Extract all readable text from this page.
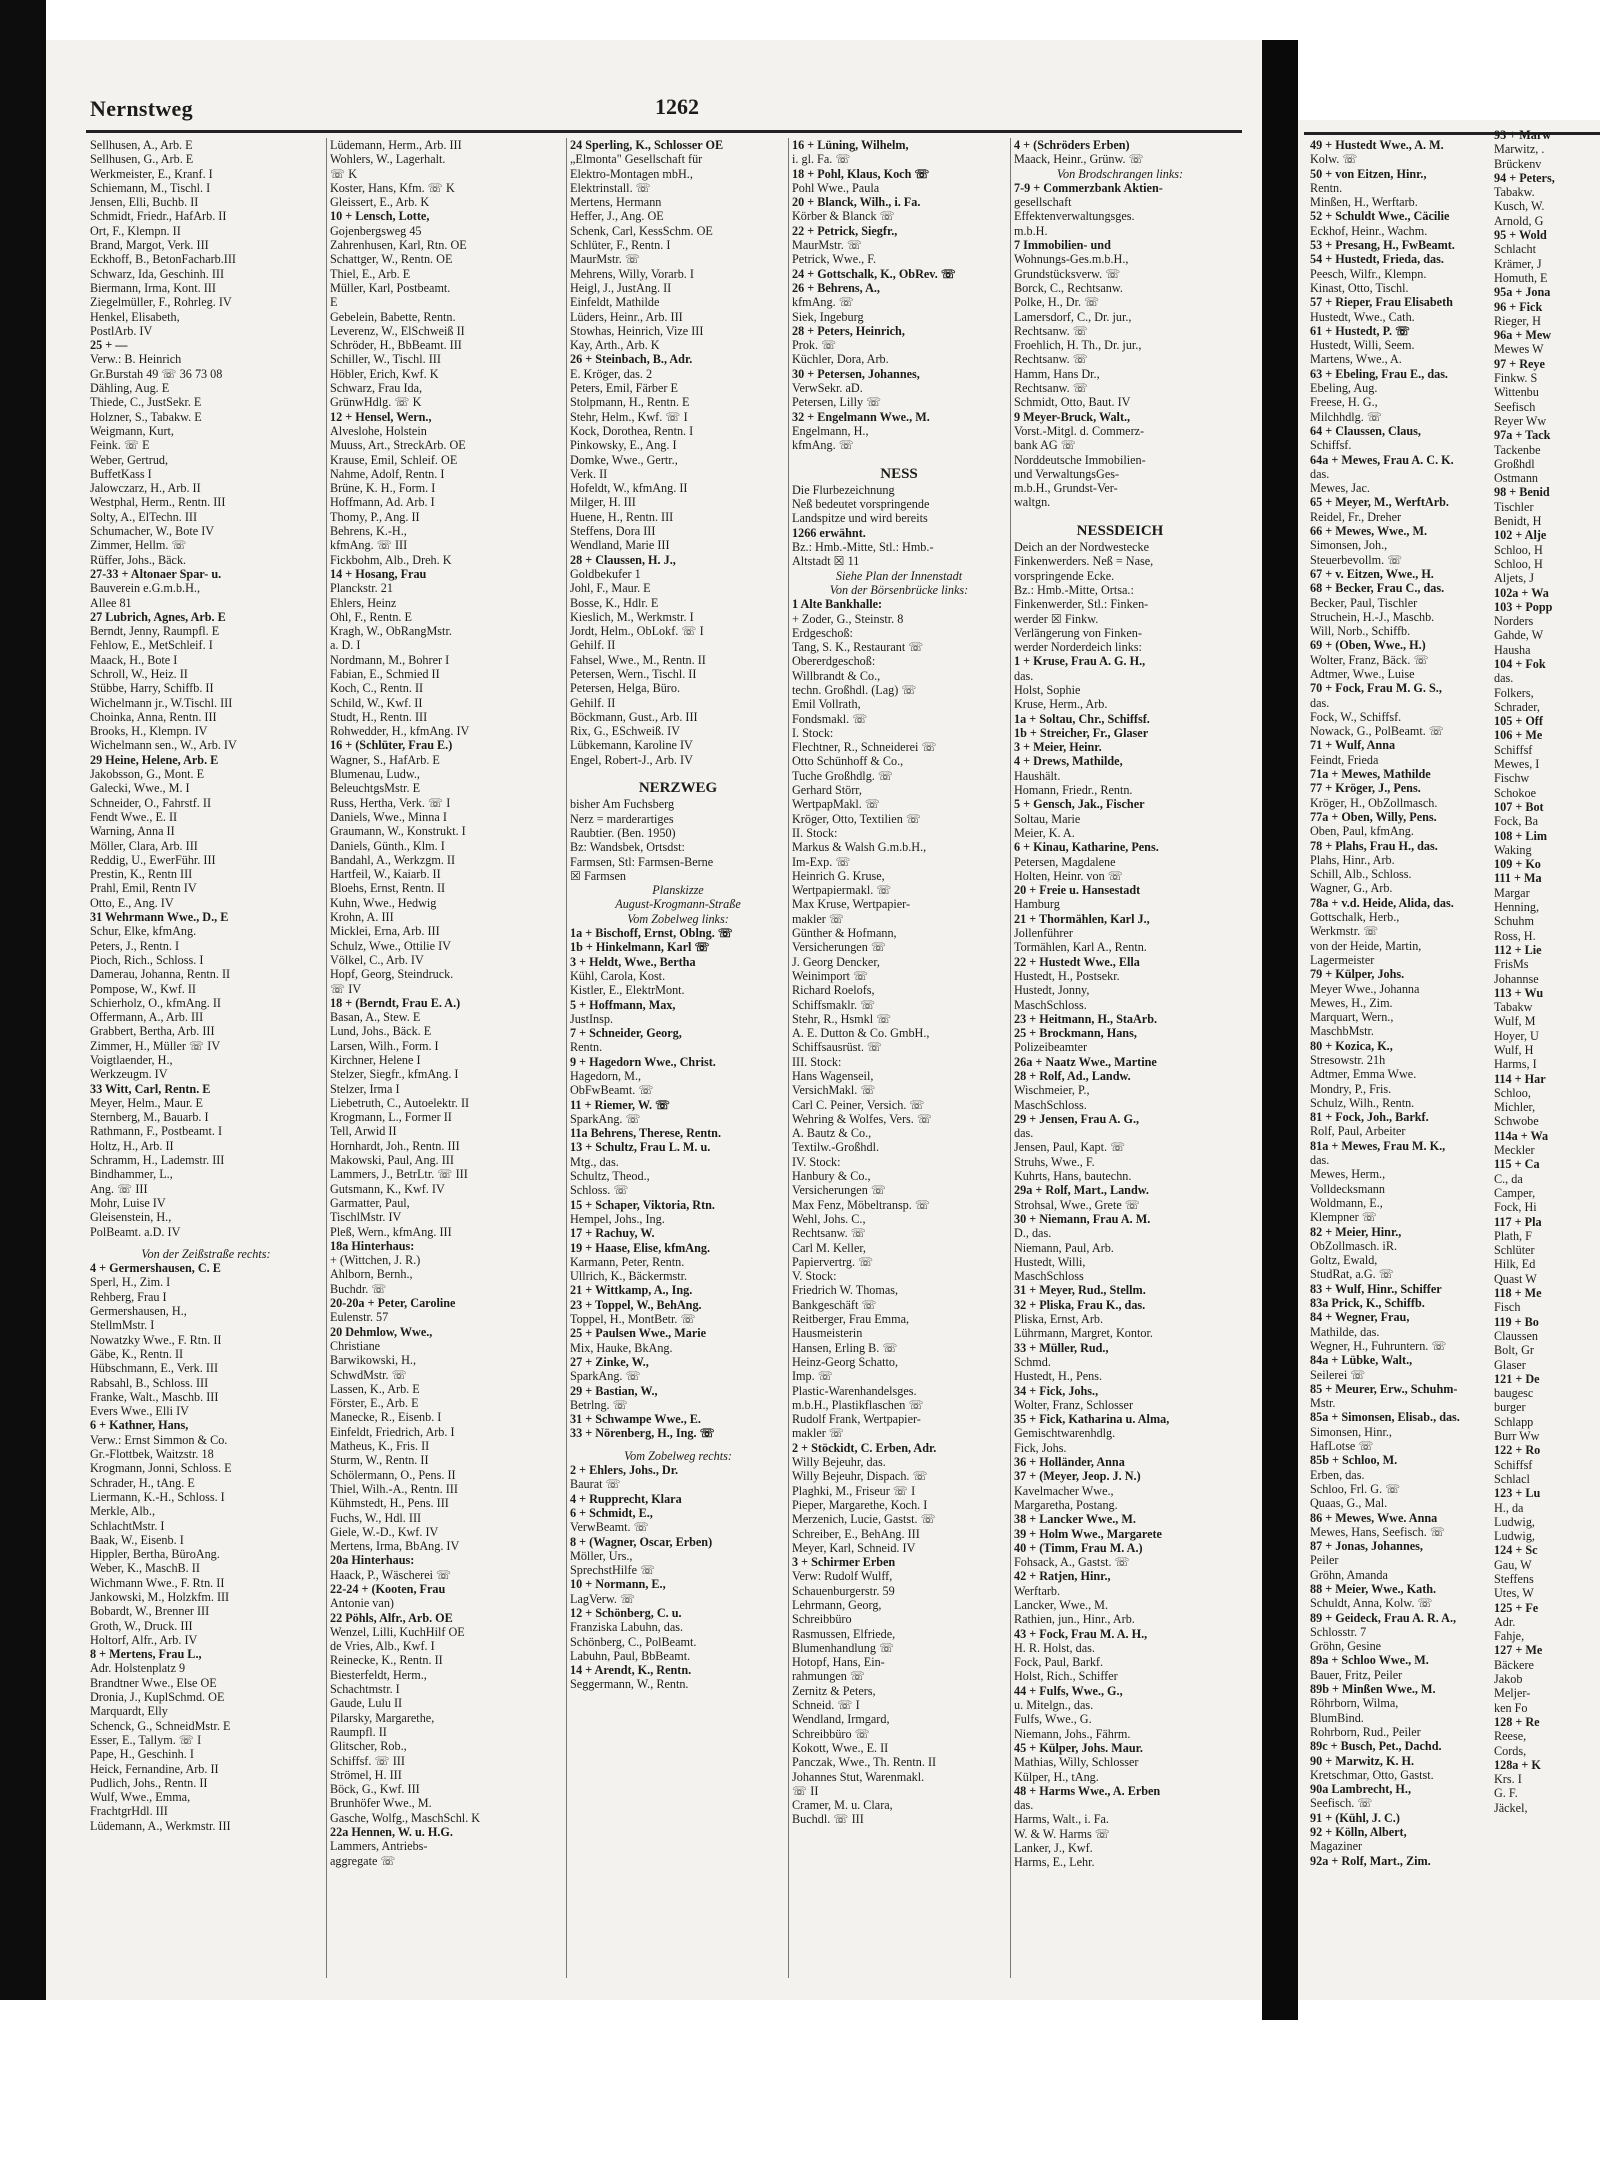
49 + Hustedt Wwe., A. M.

Kolw. ☏

50 + von Eitzen, Hinr.,

Rentn.

Minßen, H., Werftarb.

52 + Schuldt Wwe., Cäcilie

Eckhof, Heinr., Wachm.

53 + Presang, H., FwBeamt.

54 + Hustedt, Frieda, das.

Peesch, Wilfr., Klempn.

Kinast, Otto, Tischl.

57 + Rieper, Frau Elisabeth

Hustedt, Wwe., Cath.

61 + Hustedt, P. ☏

Hustedt, Willi, Seem.

Martens, Wwe., A.

63 + Ebeling, Frau E., das.

Ebeling, Aug.

Freese, H. G.,

Milchhdlg. ☏

64 + Claussen, Claus,

Schiffsf.

64a + Mewes, Frau A. C. K.

das.

Mewes, Jac.

65 + Meyer, M., WerftArb.

Reidel, Fr., Dreher

66 + Mewes, Wwe., M.

Simonsen, Joh.,

Steuerbevollm. ☏

67 + v. Eitzen, Wwe., H.

68 + Becker, Frau C., das.

Becker, Paul, Tischler

Struchein, H.-J., Maschb.

Will, Norb., Schiffb.

69 + (Oben, Wwe., H.)

Wolter, Franz, Bäck. ☏

Adtmer, Wwe., Luise

70 + Fock, Frau M. G. S.,

das.

Fock, W., Schiffsf.

Nowack, G., PolBeamt. ☏

71 + Wulf, Anna

Feindt, Frieda

71a + Mewes, Mathilde

77 + Kröger, J., Pens.

Kröger, H., ObZollmasch.

77a + Oben, Willy, Pens.

Oben, Paul, kfmAng.

78 + Plahs, Frau H., das.

Plahs, Hinr., Arb.

Schill, Alb., Schloss.

Wagner, G., Arb.

78a + v.d. Heide, Alida, das.

Gottschalk, Herb.,

Werkmstr. ☏

von der Heide, Martin,

Lagermeister

79 + Külper, Johs.

Meyer Wwe., Johanna

Mewes, H., Zim.

Marquart, Wern.,

MaschbMstr.

80 + Kozica, K.,

Stresowstr. 21h

Adtmer, Emma Wwe.

Mondry, P., Fris.

Schulz, Wilh., Rentn.

81 + Fock, Joh., Barkf.

Rolf, Paul, Arbeiter

81a + Mewes, Frau M. K.,

das.

Mewes, Herm.,

Volldecksmann

Woldmann, E.,

Klempner ☏

82 + Meier, Hinr.,

ObZollmasch. iR.

Goltz, Ewald,

StudRat, a.G. ☏

83 + Wulf, Hinr., Schiffer

83a Prick, K., Schiffb.

84 + Wegner, Frau,

Mathilde, das.

Wegner, H., Fuhruntern. ☏

84a + Lübke, Walt.,

Seilerei ☏

85 + Meurer, Erw., Schuhm-

Mstr.

85a + Simonsen, Elisab., das.

Simonsen, Hinr.,

HafLotse ☏

85b + Schloo, M.

Erben, das.

Schloo, Frl. G. ☏

Quaas, G., Mal.

86 + Mewes, Wwe. Anna

Mewes, Hans, Seefisch. ☏

87 + Jonas, Johannes,

Peiler

Gröhn, Amanda

88 + Meier, Wwe., Kath.

Schuldt, Anna, Kolw. ☏

89 + Geideck, Frau A. R. A.,

Schlosstr. 7

Gröhn, Gesine

89a + Schloo Wwe., M.

Bauer, Fritz, Peiler

89b + Minßen Wwe., M.

Röhrborn, Wilma,

BlumBind.

Rohrborn, Rud., Peiler

89c + Busch, Pet., Dachd.

90 + Marwitz, K. H.

Kretschmar, Otto, Gastst.

90a Lambrecht, H.,

Seefisch. ☏

91 + (Kühl, J. C.)

92 + Kölln, Albert,

Magaziner

92a + Rolf, Mart., Zim.

93 + Marw

Marwitz, .

Brückenv

94 + Peters,

Tabakw.

Kusch, W.

Arnold, G

95 + Wold

Schlacht

Krämer, J

Homuth, E

95a + Jona

96 + Fick

Rieger, H

96a + Mew

Mewes W

97 + Reye

Finkw. S

Wittenbu

Seefisch

Reyer Ww

97a + Tack

Tackenbe

Großhdl

Ostmann

98 + Benid

Tischler

Benidt, H

102 + Alje

Schloo, H

Schloo, H

Aljets, J

102a + Wa

103 + Popp

Norders

Gahde, W

Hausha

104 + Fok

das.

Folkers,

Schrader,

105 + Off

106 + Me

Schiffsf

Mewes, I

Fischw

Schokoe

107 + Bot

Fock, Ba

108 + Lim

Waking

109 + Ko

111 + Ma

Margar

Henning,

Schuhm

Ross, H.

112 + Lie

FrisMs

Johannse

113 + Wu

Tabakw

Wulf, M

Hoyer, U

Wulf, H

Harms, I

114 + Har

Schloo,

Michler,

Schwobe

114a + Wa

Meckler

115 + Ca

C., da

Camper,

Fock, Hi

117 + Pla

Plath, F

Schlüter

Hilk, Ed

Quast W

118 + Me

Fisch

119 + Bo

Claussen

Bolt, Gr

Glaser

121 + De

baugesc

burger

Schlapp

Burr Ww

122 + Ro

Schiffsf

Schlacl

123 + Lu

H., da

Ludwig,

Ludwig,

124 + Sc

Gau, W

Steffens

Utes, W

125 + Fe

Adr.

Fahje,

127 + Me

Bäckere

Jakob

Meljer-

ken Fo

128 + Re

Reese,

Cords,

128a + K

Krs. I

G. F.

Jäckel,

Nernstweg	1262

Sellhusen, A., Arb. E

Sellhusen, G., Arb. E

Werkmeister, E., Kranf. I

Schiemann, M., Tischl. I

Jensen, Elli, Buchb. II

Schmidt, Friedr., HafArb. II

Ort, F., Klempn. II

Brand, Margot, Verk. III

Eckhoff, B., BetonFacharb.III

Schwarz, Ida, Geschinh. III

Biermann, Irma, Kont. III

Ziegelmüller, F., Rohrleg. IV

Henkel, Elisabeth,

PostlArb. IV

25 + —

Verw.: B. Heinrich

Gr.Burstah 49 ☏ 36 73 08

Dähling, Aug. E

Thiede, C., JustSekr. E

Holzner, S., Tabakw. E

Weigmann, Kurt,

Feink. ☏ E

Weber, Gertrud,

BuffetKass I

Jalowczarz, H., Arb. II

Westphal, Herm., Rentn. III

Solty, A., ElTechn. III

Schumacher, W., Bote IV

Zimmer, Hellm. ☏

Rüffer, Johs., Bäck.

27-33 + Altonaer Spar- u.

Bauverein e.G.m.b.H.,

Allee 81

27 Lubrich, Agnes, Arb. E

Berndt, Jenny, Raumpfl. E

Fehlow, E., MetSchleif. I

Maack, H., Bote I

Schroll, W., Heiz. II

Stübbe, Harry, Schiffb. II

Wichelmann jr., W.Tischl. III

Choinka, Anna, Rentn. III

Brooks, H., Klempn. IV

Wichelmann sen., W., Arb. IV

29 Heine, Helene, Arb. E

Jakobsson, G., Mont. E

Galecki, Wwe., M. I

Schneider, O., Fahrstf. II

Fendt Wwe., E. II

Warning, Anna II

Möller, Clara, Arb. III

Reddig, U., EwerFühr. III

Prestin, K., Rentn III

Prahl, Emil, Rentn IV

Otto, E., Ang. IV

31 Wehrmann Wwe., D., E

Schur, Elke, kfmAng.

Peters, J., Rentn. I

Pioch, Rich., Schloss. I

Damerau, Johanna, Rentn. II

Pompose, W., Kwf. II

Schierholz, O., kfmAng. II

Offermann, A., Arb. III

Grabbert, Bertha, Arb. III

Zimmer, H., Müller ☏ IV

Voigtlaender, H.,

Werkzeugm. IV

33 Witt, Carl, Rentn. E

Meyer, Helm., Maur. E

Sternberg, M., Bauarb. I

Rathmann, F., Postbeamt. I

Holtz, H., Arb. II

Schramm, H., Lademstr. III

Bindhammer, L.,

Ang. ☏ III

Mohr, Luise IV

Gleisenstein, H.,

PolBeamt. a.D. IV

Von der Zeißstraße rechts:

4 + Germershausen, C. E

Sperl, H., Zim. I

Rehberg, Frau I

Germershausen, H.,

StellmMstr. I

Nowatzky Wwe., F. Rtn. II

Gäbe, K., Rentn. II

Hübschmann, E., Verk. III

Rabsahl, B., Schloss. III

Franke, Walt., Maschb. III

Evers Wwe., Elli IV

6 + Kathner, Hans,

Verw.: Ernst Simmon & Co.

Gr.-Flottbek, Waitzstr. 18

Krogmann, Jonni, Schloss. E

Schrader, H., tAng. E

Liermann, K.-H., Schloss. I

Merkle, Alb.,

SchlachtMstr. I

Baak, W., Eisenb. I

Hippler, Bertha, BüroAng.

Weber, K., MaschB. II

Wichmann Wwe., F. Rtn. II

Jankowski, M., Holzkfm. III

Bobardt, W., Brenner III

Groth, W., Druck. III

Holtorf, Alfr., Arb. IV

8 + Mertens, Frau L.,

Adr. Holstenplatz 9

Brandtner Wwe., Else OE

Dronia, J., KuplSchmd. OE

Marquardt, Elly

Schenck, G., SchneidMstr. E

Esser, E., Tallym. ☏ I

Pape, H., Geschinh. I

Heick, Fernandine, Arb. II

Pudlich, Johs., Rentn. II

Wulf, Wwe., Emma,

FrachtgrHdl. III

Lüdemann, A., Werkmstr. III

Lüdemann, Herm., Arb. III

Wohlers, W., Lagerhalt.

☏ K

Koster, Hans, Kfm. ☏ K

Gleissert, E., Arb. K

10 + Lensch, Lotte,

Gojenbergsweg 45

Zahrenhusen, Karl, Rtn. OE

Schattger, W., Rentn. OE

Thiel, E., Arb. E

Müller, Karl, Postbeamt.

E

Gebelein, Babette, Rentn.

Leverenz, W., ElSchweiß II

Schröder, H., BbBeamt. III

Schiller, W., Tischl. III

Höbler, Erich, Kwf. K

Schwarz, Frau Ida,

GrünwHdlg. ☏ K

12 + Hensel, Wern.,

Alveslohe, Holstein

Muuss, Art., StreckArb. OE

Krause, Emil, Schleif. OE

Nahme, Adolf, Rentn. I

Brüne, K. H., Form. I

Hoffmann, Ad. Arb. I

Thomy, P., Ang. II

Behrens, K.-H.,

kfmAng. ☏ III

Fickbohm, Alb., Dreh. K

14 + Hosang, Frau

Planckstr. 21

Ehlers, Heinz

Ohl, F., Rentn. E

Kragh, W., ObRangMstr.

a. D. I

Nordmann, M., Bohrer I

Fabian, E., Schmied II

Koch, C., Rentn. II

Schild, W., Kwf. II

Studt, H., Rentn. III

Rohwedder, H., kfmAng. IV

16 + (Schlüter, Frau E.)

Wagner, S., HafArb. E

Blumenau, Ludw.,

BeleuchtgsMstr. E

Russ, Hertha, Verk. ☏ I

Daniels, Wwe., Minna I

Graumann, W., Konstrukt. I

Daniels, Günth., Klm. I

Bandahl, A., Werkzgm. II

Hartfeil, W., Kaiarb. II

Bloehs, Ernst, Rentn. II

Kuhn, Wwe., Hedwig

Krohn, A. III

Micklei, Erna, Arb. III

Schulz, Wwe., Ottilie IV

Völkel, C., Arb. IV

Hopf, Georg, Steindruck.

☏ IV

18 + (Berndt, Frau E. A.)

Basan, A., Stew. E

Lund, Johs., Bäck. E

Larsen, Wilh., Form. I

Kirchner, Helene I

Stelzer, Siegfr., kfmAng. I

Stelzer, Irma I

Liebetruth, C., Autoelektr. II

Krogmann, L., Former II

Tell, Arwid II

Hornhardt, Joh., Rentn. III

Makowski, Paul, Ang. III

Lammers, J., BetrLtr. ☏ III

Gutsmann, K., Kwf. IV

Garmatter, Paul,

TischlMstr. IV

Pleß, Wern., kfmAng. III

18a Hinterhaus:

+ (Wittchen, J. R.)

Ahlborn, Bernh.,

Buchdr. ☏

20-20a + Peter, Caroline

Eulenstr. 57

20 Dehmlow, Wwe.,

Christiane

Barwikowski, H.,

SchwdMstr. ☏

Lassen, K., Arb. E

Förster, E., Arb. E

Manecke, R., Eisenb. I

Einfeldt, Friedrich, Arb. I

Matheus, K., Fris. II

Sturm, W., Rentn. II

Schölermann, O., Pens. II

Thiel, Wilh.-A., Rentn. III

Kühmstedt, H., Pens. III

Fuchs, W., Hdl. III

Giele, W.-D., Kwf. IV

Mertens, Irma, BbAng. IV

20a Hinterhaus:

Haack, P., Wäscherei ☏

22-24 + (Kooten, Frau

Antonie van)

22 Pöhls, Alfr., Arb. OE

Wenzel, Lilli, KuchHilf OE

de Vries, Alb., Kwf. I

Reinecke, K., Rentn. II

Biesterfeldt, Herm.,

Schachtmstr. I

Gaude, Lulu II

Pilarsky, Margarethe,

Raumpfl. II

Glitscher, Rob.,

Schiffsf. ☏ III

Strömel, H. III

Böck, G., Kwf. III

Brunhöfer Wwe., M.

Gasche, Wolfg., MaschSchl. K

22a Hennen, W. u. H.G.

Lammers, Antriebs-

aggregate ☏

24 Sperling, K., Schlosser OE

„Elmonta" Gesellschaft für

Elektro-Montagen mbH.,

Elektrinstall. ☏

Mertens, Hermann

Heffer, J., Ang. OE

Schenk, Carl, KessSchm. OE

Schlüter, F., Rentn. I

MaurMstr. ☏

Mehrens, Willy, Vorarb. I

Heigl, J., JustAng. II

Einfeldt, Mathilde

Lüders, Heinr., Arb. III

Stowhas, Heinrich, Vize III

Kay, Arth., Arb. K

26 + Steinbach, B., Adr.

E. Kröger, das. 2

Peters, Emil, Färber E

Stolpmann, H., Rentn. E

Stehr, Helm., Kwf. ☏ I

Kock, Dorothea, Rentn. I

Pinkowsky, E., Ang. I

Domke, Wwe., Gertr.,

Verk. II

Hofeldt, W., kfmAng. II

Milger, H. III

Huene, H., Rentn. III

Steffens, Dora III

Wendland, Marie III

28 + Claussen, H. J.,

Goldbekufer 1

Johl, F., Maur. E

Bosse, K., Hdlr. E

Kieslich, M., Werkmstr. I

Jordt, Helm., ObLokf. ☏ I

Gehilf. II

Fahsel, Wwe., M., Rentn. II

Petersen, Wern., Tischl. II

Petersen, Helga, Büro.

Gehilf. II

Böckmann, Gust., Arb. III

Rix, G., ESchweiß. IV

Lübkemann, Karoline IV

Engel, Robert-J., Arb. IV

NERZWEG

bisher Am Fuchsberg

Nerz = marderartiges

Raubtier. (Ben. 1950)

Bz: Wandsbek, Ortsdst:

Farmsen, Stl: Farmsen-Berne

☒ Farmsen

Planskizze

August-Krogmann-Straße

Vom Zobelweg links:

1a + Bischoff, Ernst, Oblng. ☏

1b + Hinkelmann, Karl ☏

3 + Heldt, Wwe., Bertha

Kühl, Carola, Kost.

Kistler, E., ElektrMont.

5 + Hoffmann, Max,

JustInsp.

7 + Schneider, Georg,

Rentn.

9 + Hagedorn Wwe., Christ.

Hagedorn, M.,

ObFwBeamt. ☏

11 + Riemer, W. ☏

SparkAng. ☏

11a Behrens, Therese, Rentn.

13 + Schultz, Frau L. M. u.

Mtg., das.

Schultz, Theod.,

Schloss. ☏

15 + Schaper, Viktoria, Rtn.

Hempel, Johs., Ing.

17 + Rachuy, W.

19 + Haase, Elise, kfmAng.

Karmann, Peter, Rentn.

Ullrich, K., Bäckermstr.

21 + Wittkamp, A., Ing.

23 + Toppel, W., BehAng.

Toppel, H., MontBetr. ☏

25 + Paulsen Wwe., Marie

Mix, Hauke, BkAng.

27 + Zinke, W.,

SparkAng. ☏

29 + Bastian, W.,

Betrlng. ☏

31 + Schwampe Wwe., E.

33 + Nörenberg, H., Ing. ☏

Vom Zobelweg rechts:

2 + Ehlers, Johs., Dr.

Baurat ☏

4 + Rupprecht, Klara

6 + Schmidt, E.,

VerwBeamt. ☏

8 + (Wagner, Oscar, Erben)

Möller, Urs.,

SprechstHilfe ☏

10 + Normann, E.,

LagVerw. ☏

12 + Schönberg, C. u.

Franziska Labuhn, das.

Schönberg, C., PolBeamt.

Labuhn, Paul, BbBeamt.

14 + Arendt, K., Rentn.

Seggermann, W., Rentn.

16 + Lüning, Wilhelm,

i. gl. Fa. ☏

18 + Pohl, Klaus, Koch ☏

Pohl Wwe., Paula

20 + Blanck, Wilh., i. Fa.

Körber & Blanck ☏

22 + Petrick, Siegfr.,

MaurMstr. ☏

Petrick, Wwe., F.

24 + Gottschalk, K., ObRev. ☏

26 + Behrens, A.,

kfmAng. ☏

Siek, Ingeburg

28 + Peters, Heinrich,

Prok. ☏

Küchler, Dora, Arb.

30 + Petersen, Johannes,

VerwSekr. aD.

Petersen, Lilly ☏

32 + Engelmann Wwe., M.

Engelmann, H.,

kfmAng. ☏

NESS

Die Flurbezeichnung

Neß bedeutet vorspringende

Landspitze und wird bereits

1266 erwähnt.

Bz.: Hmb.-Mitte, Stl.: Hmb.-

Altstadt ☒ 11

Siehe Plan der Innenstadt

Von der Börsenbrücke links:

1 Alte Bankhalle:

+ Zoder, G., Steinstr. 8

Erdgeschoß:

Tang, S. K., Restaurant ☏

Obererdgeschoß:

Willbrandt & Co.,

techn. Großhdl. (Lag) ☏

Emil Vollrath,

Fondsmakl. ☏

I. Stock:

Flechtner, R., Schneiderei ☏

Otto Schünhoff & Co.,

Tuche Großhdlg. ☏

Gerhard Störr,

WertpapMakl. ☏

Kröger, Otto, Textilien ☏

II. Stock:

Markus & Walsh G.m.b.H.,

Im-Exp. ☏

Heinrich G. Kruse,

Wertpapiermakl. ☏

Max Kruse, Wertpapier-

makler ☏

Günther & Hofmann,

Versicherungen ☏

J. Georg Dencker,

Weinimport ☏

Richard Roelofs,

Schiffsmaklr. ☏

Stehr, R., Hsmkl ☏

A. E. Dutton & Co. GmbH.,

Schiffsausrüst. ☏

III. Stock:

Hans Wagenseil,

VersichMakl. ☏

Carl C. Peiner, Versich. ☏

Wehring & Wolfes, Vers. ☏

A. Bautz & Co.,

Textilw.-Großhdl.

IV. Stock:

Hanbury & Co.,

Versicherungen ☏

Max Fenz, Möbeltransp. ☏

Wehl, Johs. C.,

Rechtsanw. ☏

Carl M. Keller,

Papiervertrg. ☏

V. Stock:

Friedrich W. Thomas,

Bankgeschäft ☏

Reitberger, Frau Emma,

Hausmeisterin

Hansen, Erling B. ☏

Heinz-Georg Schatto,

Imp. ☏

Plastic-Warenhandelsges.

m.b.H., Plastikflaschen ☏

Rudolf Frank, Wertpapier-

makler ☏

2 + Stöckidt, C. Erben, Adr.

Willy Bejeuhr, das.

Willy Bejeuhr, Dispach. ☏

Plaghki, M., Friseur ☏ I

Pieper, Margarethe, Koch. I

Merzenich, Lucie, Gastst. ☏

Schreiber, E., BehAng. III

Meyer, Karl, Schneid. IV

3 + Schirmer Erben

Verw: Rudolf Wulff,

Schauenburgerstr. 59

Lehrmann, Georg,

Schreibbüro

Rasmussen, Elfriede,

Blumenhandlung ☏

Hotopf, Hans, Ein-

rahmungen ☏

Zernitz & Peters,

Schneid. ☏ I

Wendland, Irmgard,

Schreibbüro ☏

Kokott, Wwe., E. II

Panczak, Wwe., Th. Rentn. II

Johannes Stut, Warenmakl.

☏ II

Cramer, M. u. Clara,

Buchdl. ☏ III

4 + (Schröders Erben)

Maack, Heinr., Grünw. ☏

Von Brodschrangen links:

7-9 + Commerzbank Aktien-

gesellschaft

Effektenverwaltungsges.

m.b.H.

7 Immobilien- und

Wohnungs-Ges.m.b.H.,

Grundstücksverw. ☏

Borck, C., Rechtsanw.

Polke, H., Dr. ☏

Lamersdorf, C., Dr. jur.,

Rechtsanw. ☏

Froehlich, H. Th., Dr. jur.,

Rechtsanw. ☏

Hamm, Hans Dr.,

Rechtsanw. ☏

Schmidt, Otto, Baut. IV

9 Meyer-Bruck, Walt.,

Vorst.-Mitgl. d. Commerz-

bank AG ☏

Norddeutsche Immobilien-

und VerwaltungsGes-

m.b.H., Grundst-Ver-

waltgn.

NESSDEICH

Deich an der Nordwestecke

Finkenwerders. Neß = Nase,

vorspringende Ecke.

Bz.: Hmb.-Mitte, Ortsa.:

Finkenwerder, Stl.: Finken-

werder ☒ Finkw.

Verlängerung von Finken-

werder Norderdeich links:

1 + Kruse, Frau A. G. H.,

das.

Holst, Sophie

Kruse, Herm., Arb.

1a + Soltau, Chr., Schiffsf.

1b + Streicher, Fr., Glaser

3 + Meier, Heinr.

4 + Drews, Mathilde,

Haushält.

Homann, Friedr., Rentn.

5 + Gensch, Jak., Fischer

Soltau, Marie

Meier, K. A.

6 + Kinau, Katharine, Pens.

Petersen, Magdalene

Holten, Heinr. von ☏

20 + Freie u. Hansestadt

Hamburg

21 + Thormählen, Karl J.,

Jollenführer

Tormählen, Karl A., Rentn.

22 + Hustedt Wwe., Ella

Hustedt, H., Postsekr.

Hustedt, Jonny,

MaschSchloss.

23 + Heitmann, H., StaArb.

25 + Brockmann, Hans,

Polizeibeamter

26a + Naatz Wwe., Martine

28 + Rolf, Ad., Landw.

Wischmeier, P.,

MaschSchloss.

29 + Jensen, Frau A. G.,

das.

Jensen, Paul, Kapt. ☏

Struhs, Wwe., F.

Kuhrts, Hans, bautechn.

29a + Rolf, Mart., Landw.

Strohsal, Wwe., Grete ☏

30 + Niemann, Frau A. M.

D., das.

Niemann, Paul, Arb.

Hustedt, Willi,

MaschSchloss

31 + Meyer, Rud., Stellm.

32 + Pliska, Frau K., das.

Pliska, Ernst, Arb.

Lührmann, Margret, Kontor.

33 + Müller, Rud.,

Schmd.

Hustedt, H., Pens.

34 + Fick, Johs.,

Wolter, Franz, Schlosser

35 + Fick, Katharina u. Alma,

Gemischtwarenhdlg.

Fick, Johs.

36 + Holländer, Anna

37 + (Meyer, Jeop. J. N.)

Kavelmacher Wwe.,

Margaretha, Postang.

38 + Lancker Wwe., M.

39 + Holm Wwe., Margarete

40 + (Timm, Frau M. A.)

Fohsack, A., Gastst. ☏

42 + Ratjen, Hinr.,

Werftarb.

Lancker, Wwe., M.

Rathien, jun., Hinr., Arb.

43 + Fock, Frau M. A. H.,

H. R. Holst, das.

Fock, Paul, Barkf.

Holst, Rich., Schiffer

44 + Fulfs, Wwe., G.,

u. Mitelgn., das.

Fulfs, Wwe., G.

Niemann, Johs., Fährm.

45 + Külper, Johs. Maur.

Mathias, Willy, Schlosser

Külper, H., tAng.

48 + Harms Wwe., A. Erben

das.

Harms, Walt., i. Fa.

W. & W. Harms ☏

Lanker, J., Kwf.

Harms, E., Lehr.
